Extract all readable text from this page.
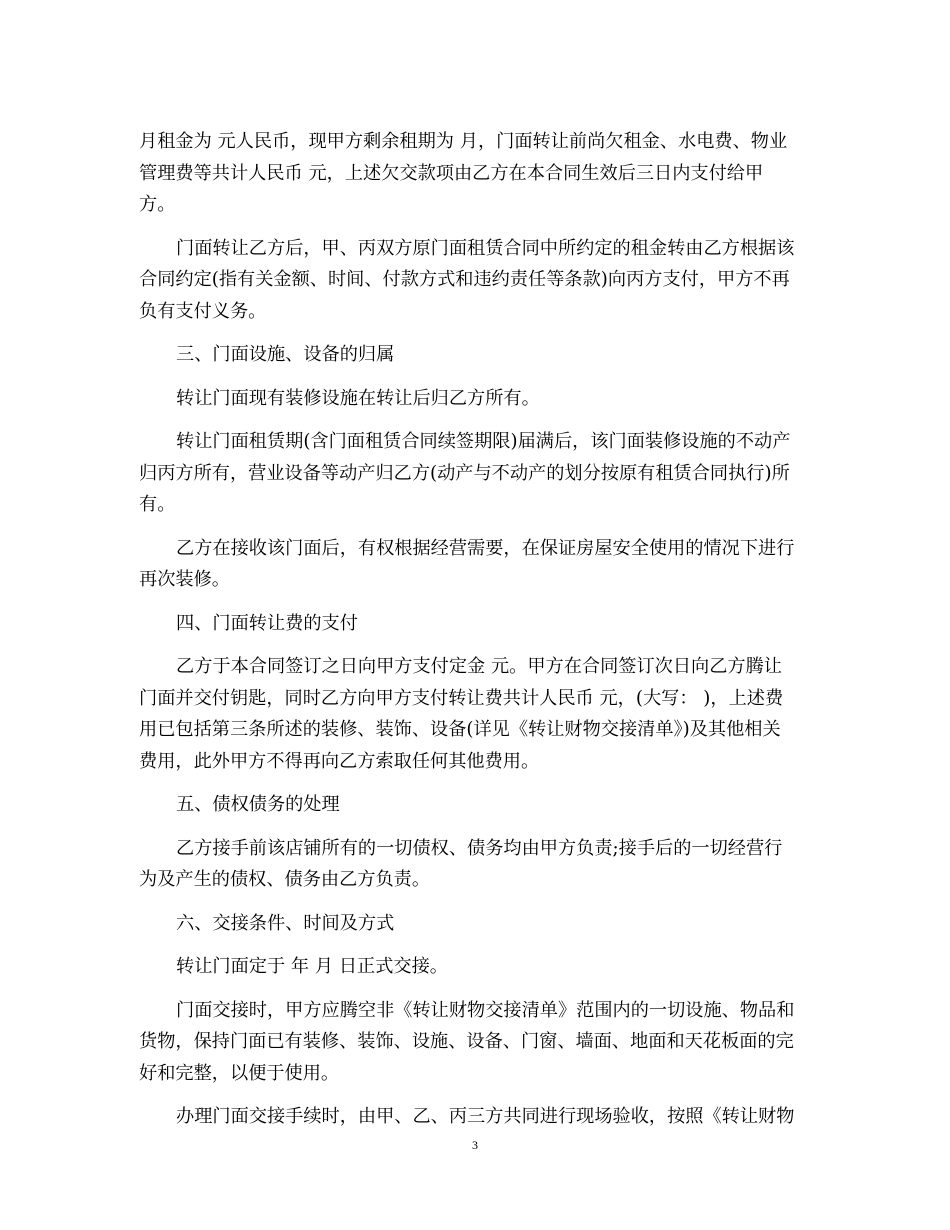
月租金为 元人民币，现甲方剩余租期为 月，门面转让前尚欠租金、水电费、物业
管理费等共计人民币 元，上述欠交款项由乙方在本合同生效后三日内支付给甲
方。
门面转让乙方后，甲、丙双方原门面租赁合同中所约定的租金转由乙方根据该
合同约定(指有关金额、时间、付款方式和违约责任等条款)向丙方支付，甲方不再
负有支付义务。
三、门面设施、设备的归属
转让门面现有装修设施在转让后归乙方所有。
转让门面租赁期(含门面租赁合同续签期限)届满后，该门面装修设施的不动产
归丙方所有，营业设备等动产归乙方(动产与不动产的划分按原有租赁合同执行)所
有。
乙方在接收该门面后，有权根据经营需要，在保证房屋安全使用的情况下进行
再次装修。
四、门面转让费的支付
乙方于本合同签订之日向甲方支付定金 元。甲方在合同签订次日向乙方腾让
门面并交付钥匙，同时乙方向甲方支付转让费共计人民币 元，(大写： )，上述费
用已包括第三条所述的装修、装饰、设备(详见《转让财物交接清单》)及其他相关
费用，此外甲方不得再向乙方索取任何其他费用。
五、债权债务的处理
乙方接手前该店铺所有的一切债权、债务均由甲方负责;接手后的一切经营行
为及产生的债权、债务由乙方负责。
六、交接条件、时间及方式
转让门面定于 年 月 日正式交接。
门面交接时，甲方应腾空非《转让财物交接清单》范围内的一切设施、物品和
货物，保持门面已有装修、装饰、设施、设备、门窗、墙面、地面和天花板面的完
好和完整，以便于使用。
办理门面交接手续时，由甲、乙、丙三方共同进行现场验收，按照《转让财物
3
